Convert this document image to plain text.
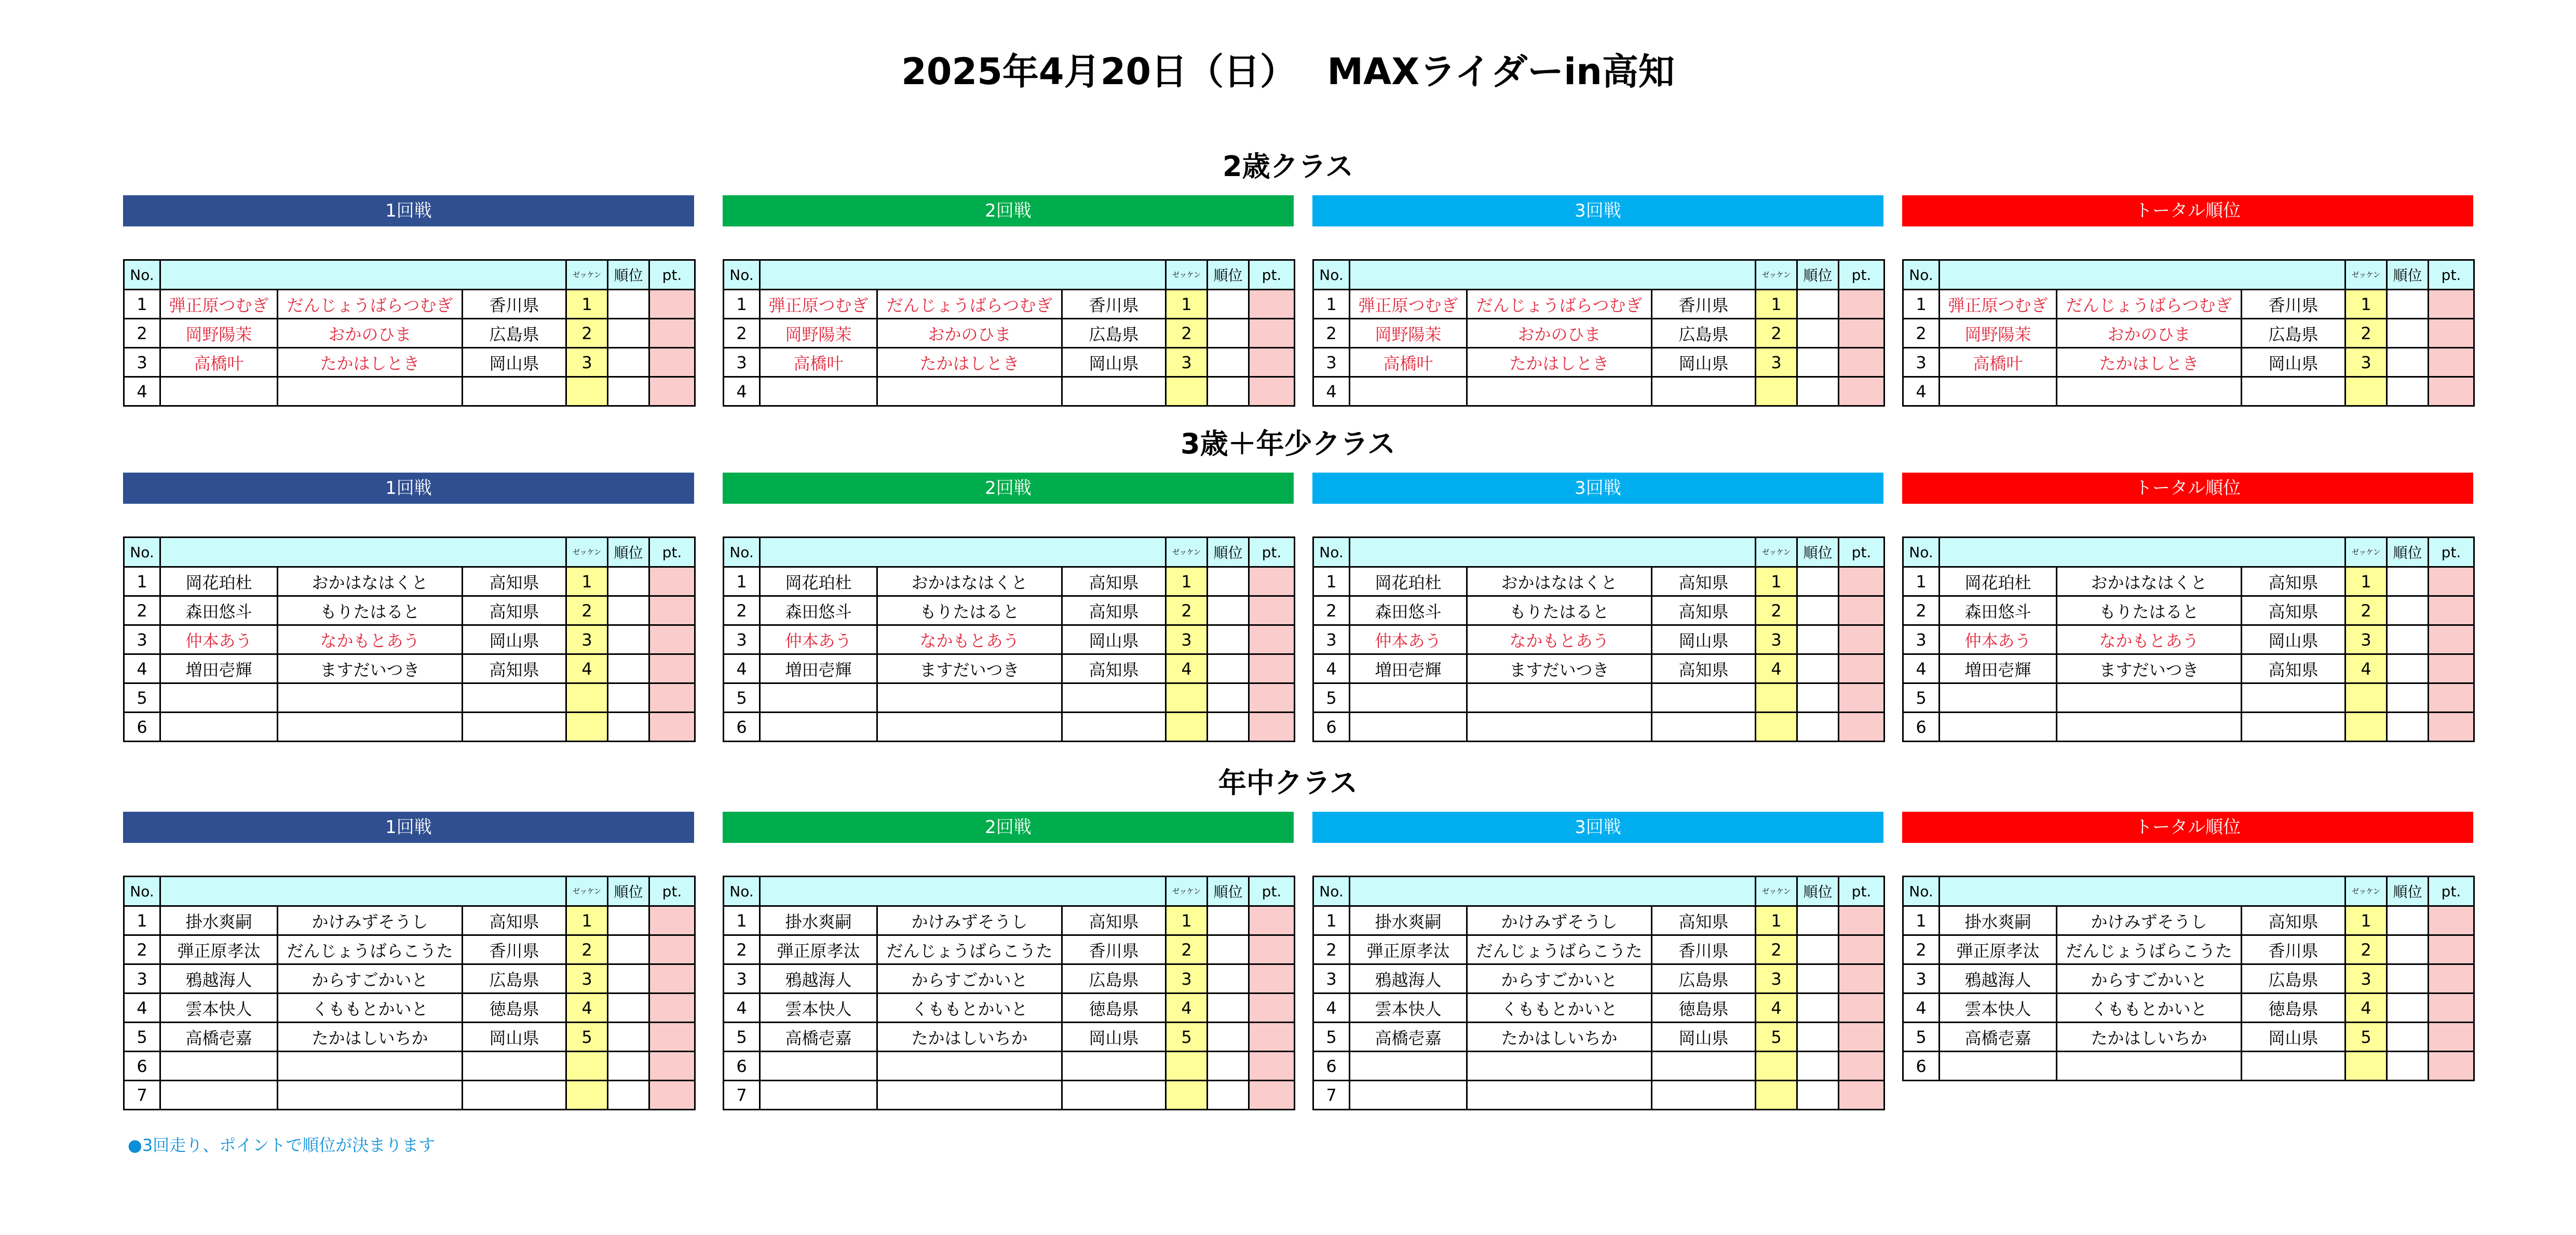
2025年4月20日（日）　 MAXライダーin高知
2歳クラス
1回戦
No.				ゼッケン	順位	pt.
1	弾正原つむぎ	だんじょうばらつむぎ	香川県	1		
2	岡野陽茉	おかのひま	広島県	2		
3	高橋叶	たかはしとき	岡山県	3		
4						
2回戦
No.				ゼッケン	順位	pt.
1	弾正原つむぎ	だんじょうばらつむぎ	香川県	1		
2	岡野陽茉	おかのひま	広島県	2		
3	高橋叶	たかはしとき	岡山県	3		
4						
3回戦
No.				ゼッケン	順位	pt.
1	弾正原つむぎ	だんじょうばらつむぎ	香川県	1		
2	岡野陽茉	おかのひま	広島県	2		
3	高橋叶	たかはしとき	岡山県	3		
4						
トータル順位
No.				ゼッケン	順位	pt.
1	弾正原つむぎ	だんじょうばらつむぎ	香川県	1		
2	岡野陽茉	おかのひま	広島県	2		
3	高橋叶	たかはしとき	岡山県	3		
4						
3歳＋年少クラス
1回戦
No.				ゼッケン	順位	pt.
1	岡花珀杜	おかはなはくと	高知県	1		
2	森田悠斗	もりたはると	高知県	2		
3	仲本あう	なかもとあう	岡山県	3		
4	増田壱輝	ますだいつき	高知県	4		
5						
6						
2回戦
No.				ゼッケン	順位	pt.
1	岡花珀杜	おかはなはくと	高知県	1		
2	森田悠斗	もりたはると	高知県	2		
3	仲本あう	なかもとあう	岡山県	3		
4	増田壱輝	ますだいつき	高知県	4		
5						
6						
3回戦
No.				ゼッケン	順位	pt.
1	岡花珀杜	おかはなはくと	高知県	1		
2	森田悠斗	もりたはると	高知県	2		
3	仲本あう	なかもとあう	岡山県	3		
4	増田壱輝	ますだいつき	高知県	4		
5						
6						
トータル順位
No.				ゼッケン	順位	pt.
1	岡花珀杜	おかはなはくと	高知県	1		
2	森田悠斗	もりたはると	高知県	2		
3	仲本あう	なかもとあう	岡山県	3		
4	増田壱輝	ますだいつき	高知県	4		
5						
6						
年中クラス
1回戦
No.				ゼッケン	順位	pt.
1	掛水爽嗣	かけみずそうし	高知県	1		
2	弾正原孝汰	だんじょうばらこうた	香川県	2		
3	鴉越海人	からすごかいと	広島県	3		
4	雲本快人	くももとかいと	徳島県	4		
5	高橋壱嘉	たかはしいちか	岡山県	5		
6						
7						
2回戦
No.				ゼッケン	順位	pt.
1	掛水爽嗣	かけみずそうし	高知県	1		
2	弾正原孝汰	だんじょうばらこうた	香川県	2		
3	鴉越海人	からすごかいと	広島県	3		
4	雲本快人	くももとかいと	徳島県	4		
5	高橋壱嘉	たかはしいちか	岡山県	5		
6						
7						
3回戦
No.				ゼッケン	順位	pt.
1	掛水爽嗣	かけみずそうし	高知県	1		
2	弾正原孝汰	だんじょうばらこうた	香川県	2		
3	鴉越海人	からすごかいと	広島県	3		
4	雲本快人	くももとかいと	徳島県	4		
5	高橋壱嘉	たかはしいちか	岡山県	5		
6						
7						
トータル順位
No.				ゼッケン	順位	pt.
1	掛水爽嗣	かけみずそうし	高知県	1		
2	弾正原孝汰	だんじょうばらこうた	香川県	2		
3	鴉越海人	からすごかいと	広島県	3		
4	雲本快人	くももとかいと	徳島県	4		
5	高橋壱嘉	たかはしいちか	岡山県	5		
6						
●3回走り、ポイントで順位が決まります
